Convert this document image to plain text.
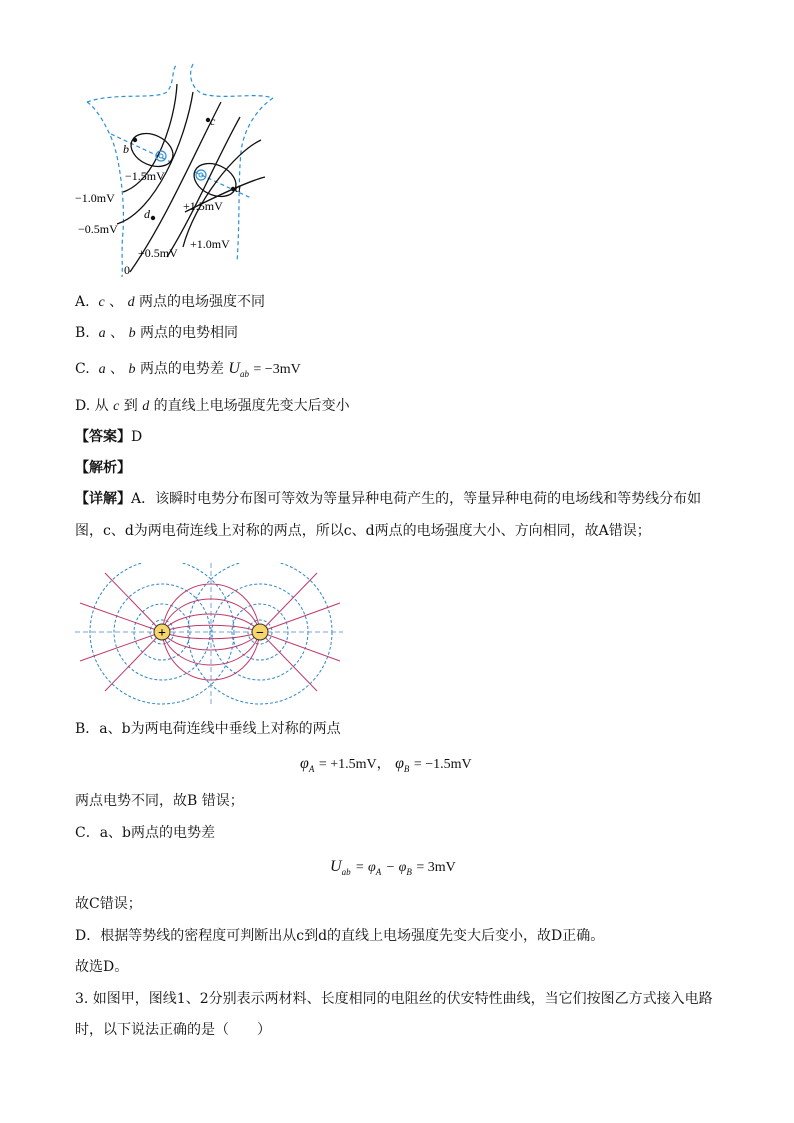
c
b
a
d
−1.5mV
−1.0mV
−0.5mV
+1.5mV
+1.0mV
+0.5mV
0
A. c 、 d 两点的电场强度不同
B. a 、 b 两点的电势相同
C. a 、 b 两点的电势差 $U_{ab} = -3mV$
D. 从 c 到 d 的直线上电场强度先变大后变小
【答案】D
【解析】
【详解】A．该瞬时电势分布图可等效为等量异种电荷产生的，等量异种电荷的电场线和等势线分布如
图，c、d为两电荷连线上对称的两点，所以c、d两点的电场强度大小、方向相同，故A错误；
+	−
B．a、b为两电荷连线中垂线上对称的两点
$\varphi_A = +1.5mV$， $\varphi_B = -1.5mV$
两点电势不同，故B 错误；
C．a、b两点的电势差
$U_{ab} = \varphi_A - \varphi_B = 3mV$
故C错误；
D．根据等势线的密程度可判断出从c到d的直线上电场强度先变大后变小，故D正确。
故选D。
3. 如图甲，图线1、2分别表示两材料、长度相同的电阻丝的伏安特性曲线，当它们按图乙方式接入电路
时，以下说法正确的是（　　）
